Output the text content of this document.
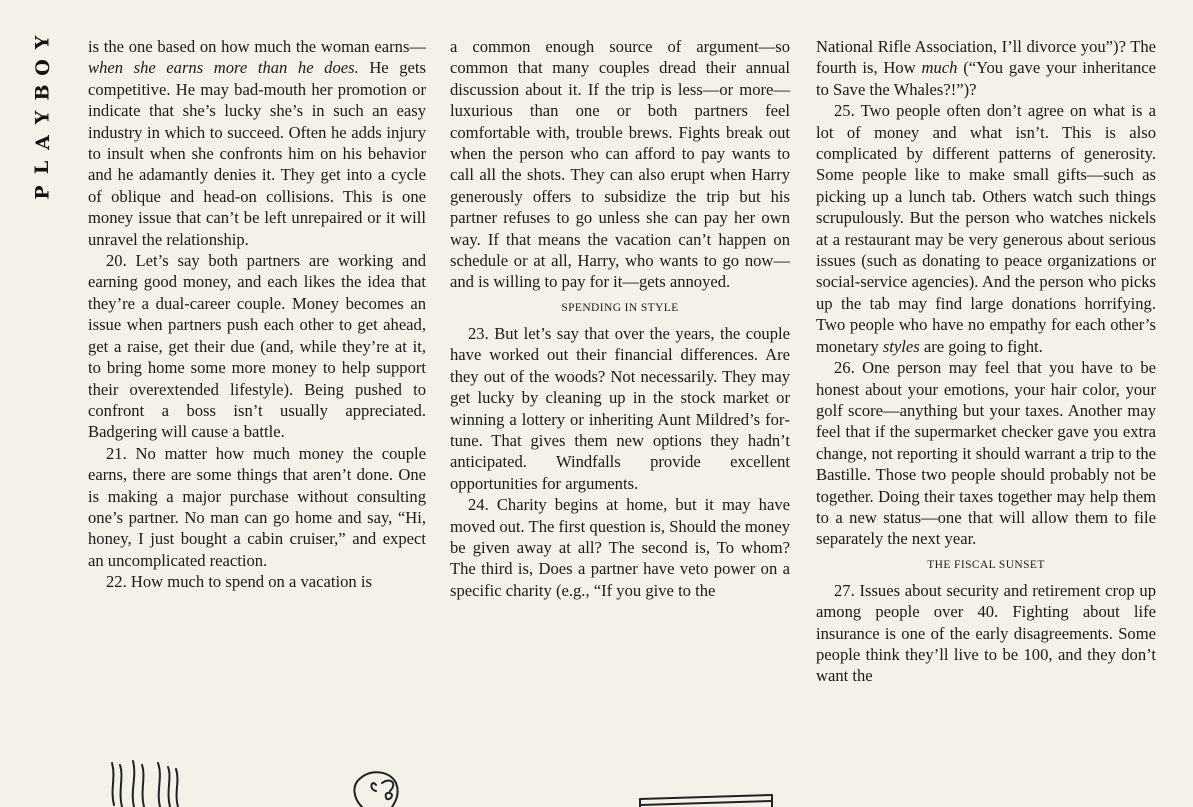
Y
O
B
Y
A
L
P

is the one based on how much the woman earns—when she earns more than he does. He gets competitive. He may bad-mouth her promotion or indicate that she’s lucky she’s in such an easy industry in which to succeed. Often he adds injury to insult when she confronts him on his behavior and he adamantly denies it. They get into a cycle of oblique and head-on collisions. This is one money issue that can’t be left unrepaired or it will unravel the relationship.

20. Let’s say both partners are working and earning good money, and each likes the idea that they’re a dual-career couple. Money becomes an issue when partners push each other to get ahead, get a raise, get their due (and, while they’re at it, to bring home some more money to help support their overextended lifestyle). Being pushed to confront a boss isn’t usually appreciated. Badgering will cause a battle.

21. No matter how much money the couple earns, there are some things that aren’t done. One is making a major purchase without consulting one’s partner. No man can go home and say, “Hi, honey, I just bought a cabin cruiser,” and expect an uncomplicated reaction.

22. How much to spend on a vacation is

a common enough source of argument—so common that many couples dread their annual discussion about it. If the trip is less—or more—luxurious than one or both partners feel comfortable with, trouble brews. Fights break out when the person who can afford to pay wants to call all the shots. They can also erupt when Harry generously offers to subsidize the trip but his partner refuses to go unless she can pay her own way. If that means the vacation can’t happen on schedule or at all, Harry, who wants to go now—and is willing to pay for it—gets annoyed.

SPENDING IN STYLE

23. But let’s say that over the years, the couple have worked out their financial differences. Are they out of the woods? Not necessarily. They may get lucky by cleaning up in the stock market or winning a lottery or inheriting Aunt Mildred’s fortune. That gives them new options they hadn’t anticipated. Windfalls provide excellent opportunities for arguments.

24. Charity begins at home, but it may have moved out. The first question is, Should the money be given away at all? The second is, To whom? The third is, Does a partner have veto power on a specific charity (e.g., “If you give to the

National Rifle Association, I’ll divorce you”)? The fourth is, How much (“You gave your inheritance to Save the Whales?!”)?

25. Two people often don’t agree on what is a lot of money and what isn’t. This is also complicated by different patterns of generosity. Some people like to make small gifts—such as picking up a lunch tab. Others watch such things scrupulously. But the person who watches nickels at a restaurant may be very generous about serious issues (such as donating to peace organizations or social-service agencies). And the person who picks up the tab may find large donations horrifying. Two people who have no empathy for each other’s monetary styles are going to fight.

26. One person may feel that you have to be honest about your emotions, your hair color, your golf score—anything but your taxes. Another may feel that if the supermarket checker gave you extra change, not reporting it should warrant a trip to the Bastille. Those two people should probably not be together. Doing their taxes together may help them to a new status—one that will allow them to file separately the next year.

THE FISCAL SUNSET

27. Issues about security and retirement crop up among people over 40. Fighting about life insurance is one of the early disagreements. Some people think they’ll live to be 100, and they don’t want the
